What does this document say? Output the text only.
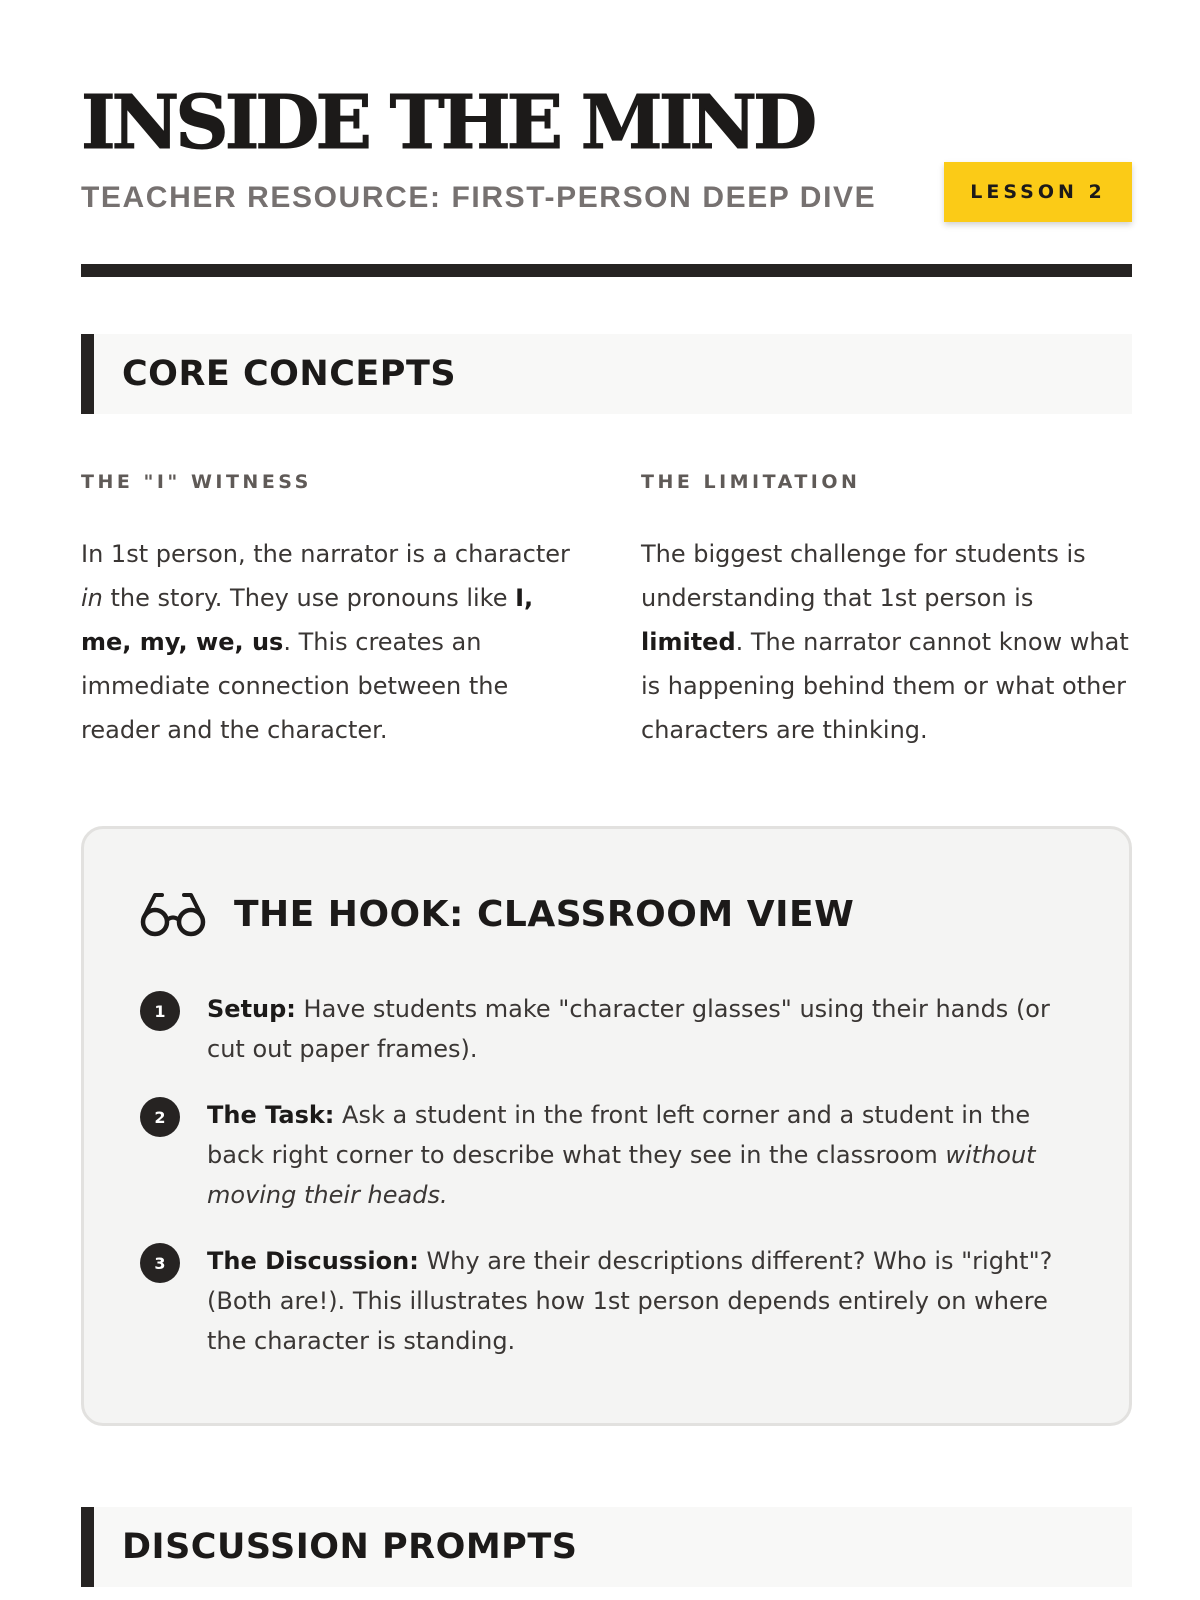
INSIDE THE MIND
TEACHER RESOURCE: FIRST-PERSON DEEP DIVE	LESSON 2
CORE CONCEPTS

THE "I" WITNESS

In 1st person, the narrator is a character in the story. They use pronouns like I, me, my, we, us. This creates an immediate connection between the reader and the character.

THE LIMITATION

The biggest challenge for students is understanding that 1st person is limited. The narrator cannot know what is happening behind them or what other characters are thinking.

THE HOOK: CLASSROOM VIEW
1	Setup: Have students make "character glasses" using their hands (or cut out paper frames).
2	The Task: Ask a student in the front left corner and a student in the back right corner to describe what they see in the classroom without moving their heads.
3	The Discussion: Why are their descriptions different? Who is "right"? (Both are!). This illustrates how 1st person depends entirely on where the character is standing.
DISCUSSION PROMPTS
